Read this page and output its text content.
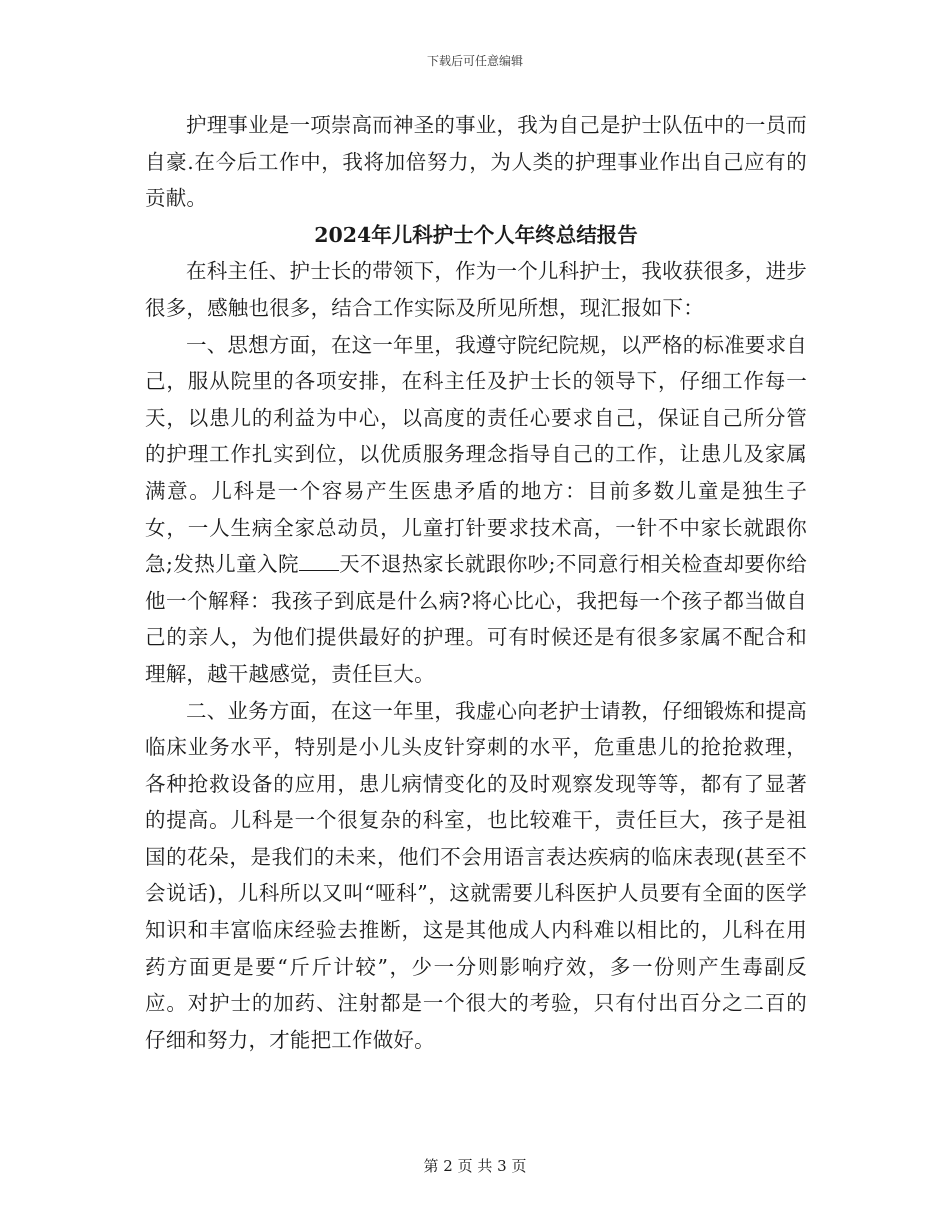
下载后可任意编辑

护理事业是一项崇高而神圣的事业，我为自己是护士队伍中的一员而自豪.在今后工作中，我将加倍努力，为人类的护理事业作出自己应有的贡献。

2024年儿科护士个人年终总结报告

在科主任、护士长的带领下，作为一个儿科护士，我收获很多，进步很多，感触也很多，结合工作实际及所见所想，现汇报如下：

一、思想方面，在这一年里，我遵守院纪院规，以严格的标准要求自己，服从院里的各项安排，在科主任及护士长的领导下，仔细工作每一天，以患儿的利益为中心，以高度的责任心要求自己，保证自己所分管的护理工作扎实到位，以优质服务理念指导自己的工作，让患儿及家属满意。儿科是一个容易产生医患矛盾的地方：目前多数儿童是独生子女，一人生病全家总动员，儿童打针要求技术高，一针不中家长就跟你急;发热儿童入院 天不退热家长就跟你吵;不同意行相关检查却要你给他一个解释：我孩子到底是什么病?将心比心，我把每一个孩子都当做自己的亲人，为他们提供最好的护理。可有时候还是有很多家属不配合和理解，越干越感觉，责任巨大。

二、业务方面，在这一年里，我虚心向老护士请教，仔细锻炼和提高临床业务水平，特别是小儿头皮针穿刺的水平，危重患儿的抢抢救理，各种抢救设备的应用，患儿病情变化的及时观察发现等等，都有了显著的提高。儿科是一个很复杂的科室，也比较难干，责任巨大，孩子是祖国的花朵，是我们的未来，他们不会用语言表达疾病的临床表现(甚至不会说话)，儿科所以又叫“哑科”，这就需要儿科医护人员要有全面的医学知识和丰富临床经验去推断，这是其他成人内科难以相比的，儿科在用药方面更是要“斤斤计较”，少一分则影响疗效，多一份则产生毒副反应。对护士的加药、注射都是一个很大的考验，只有付出百分之二百的仔细和努力，才能把工作做好。

第 2 页 共 3 页
